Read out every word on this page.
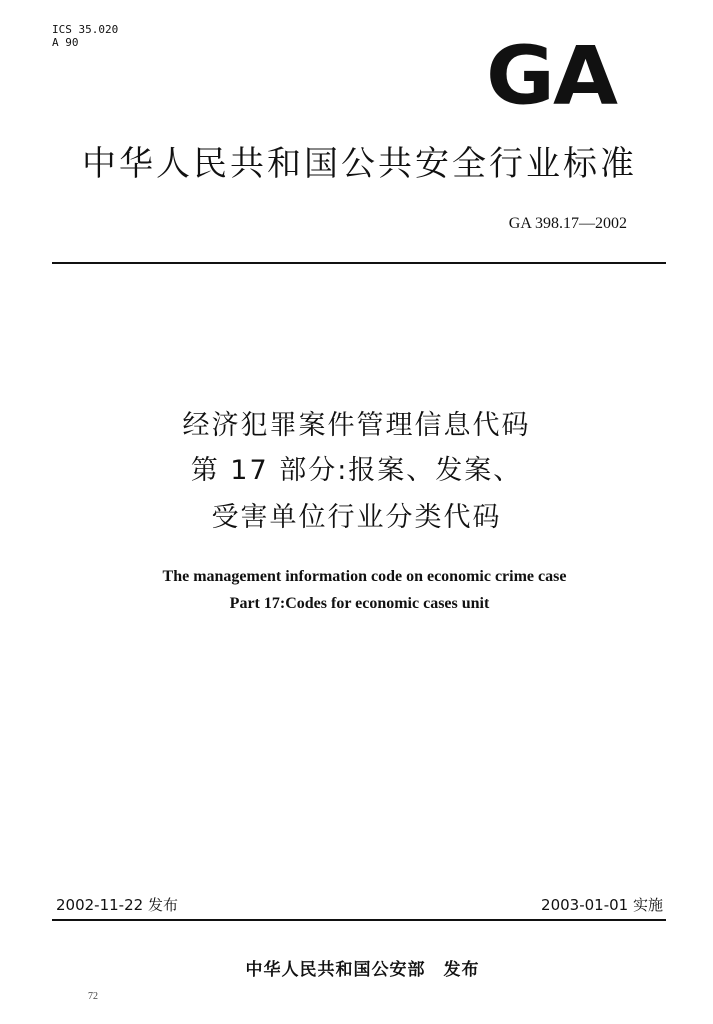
ICS 35.020
A 90	GA
中华人民共和国公共安全行业标准
GA 398.17—2002
经济犯罪案件管理信息代码
第 17 部分:报案、发案、
受害单位行业分类代码
The management information code on economic crime case
Part 17:Codes for economic cases unit
2002-11-22 发布	2003-01-01 实施
中华人民共和国公安部　发布
72
